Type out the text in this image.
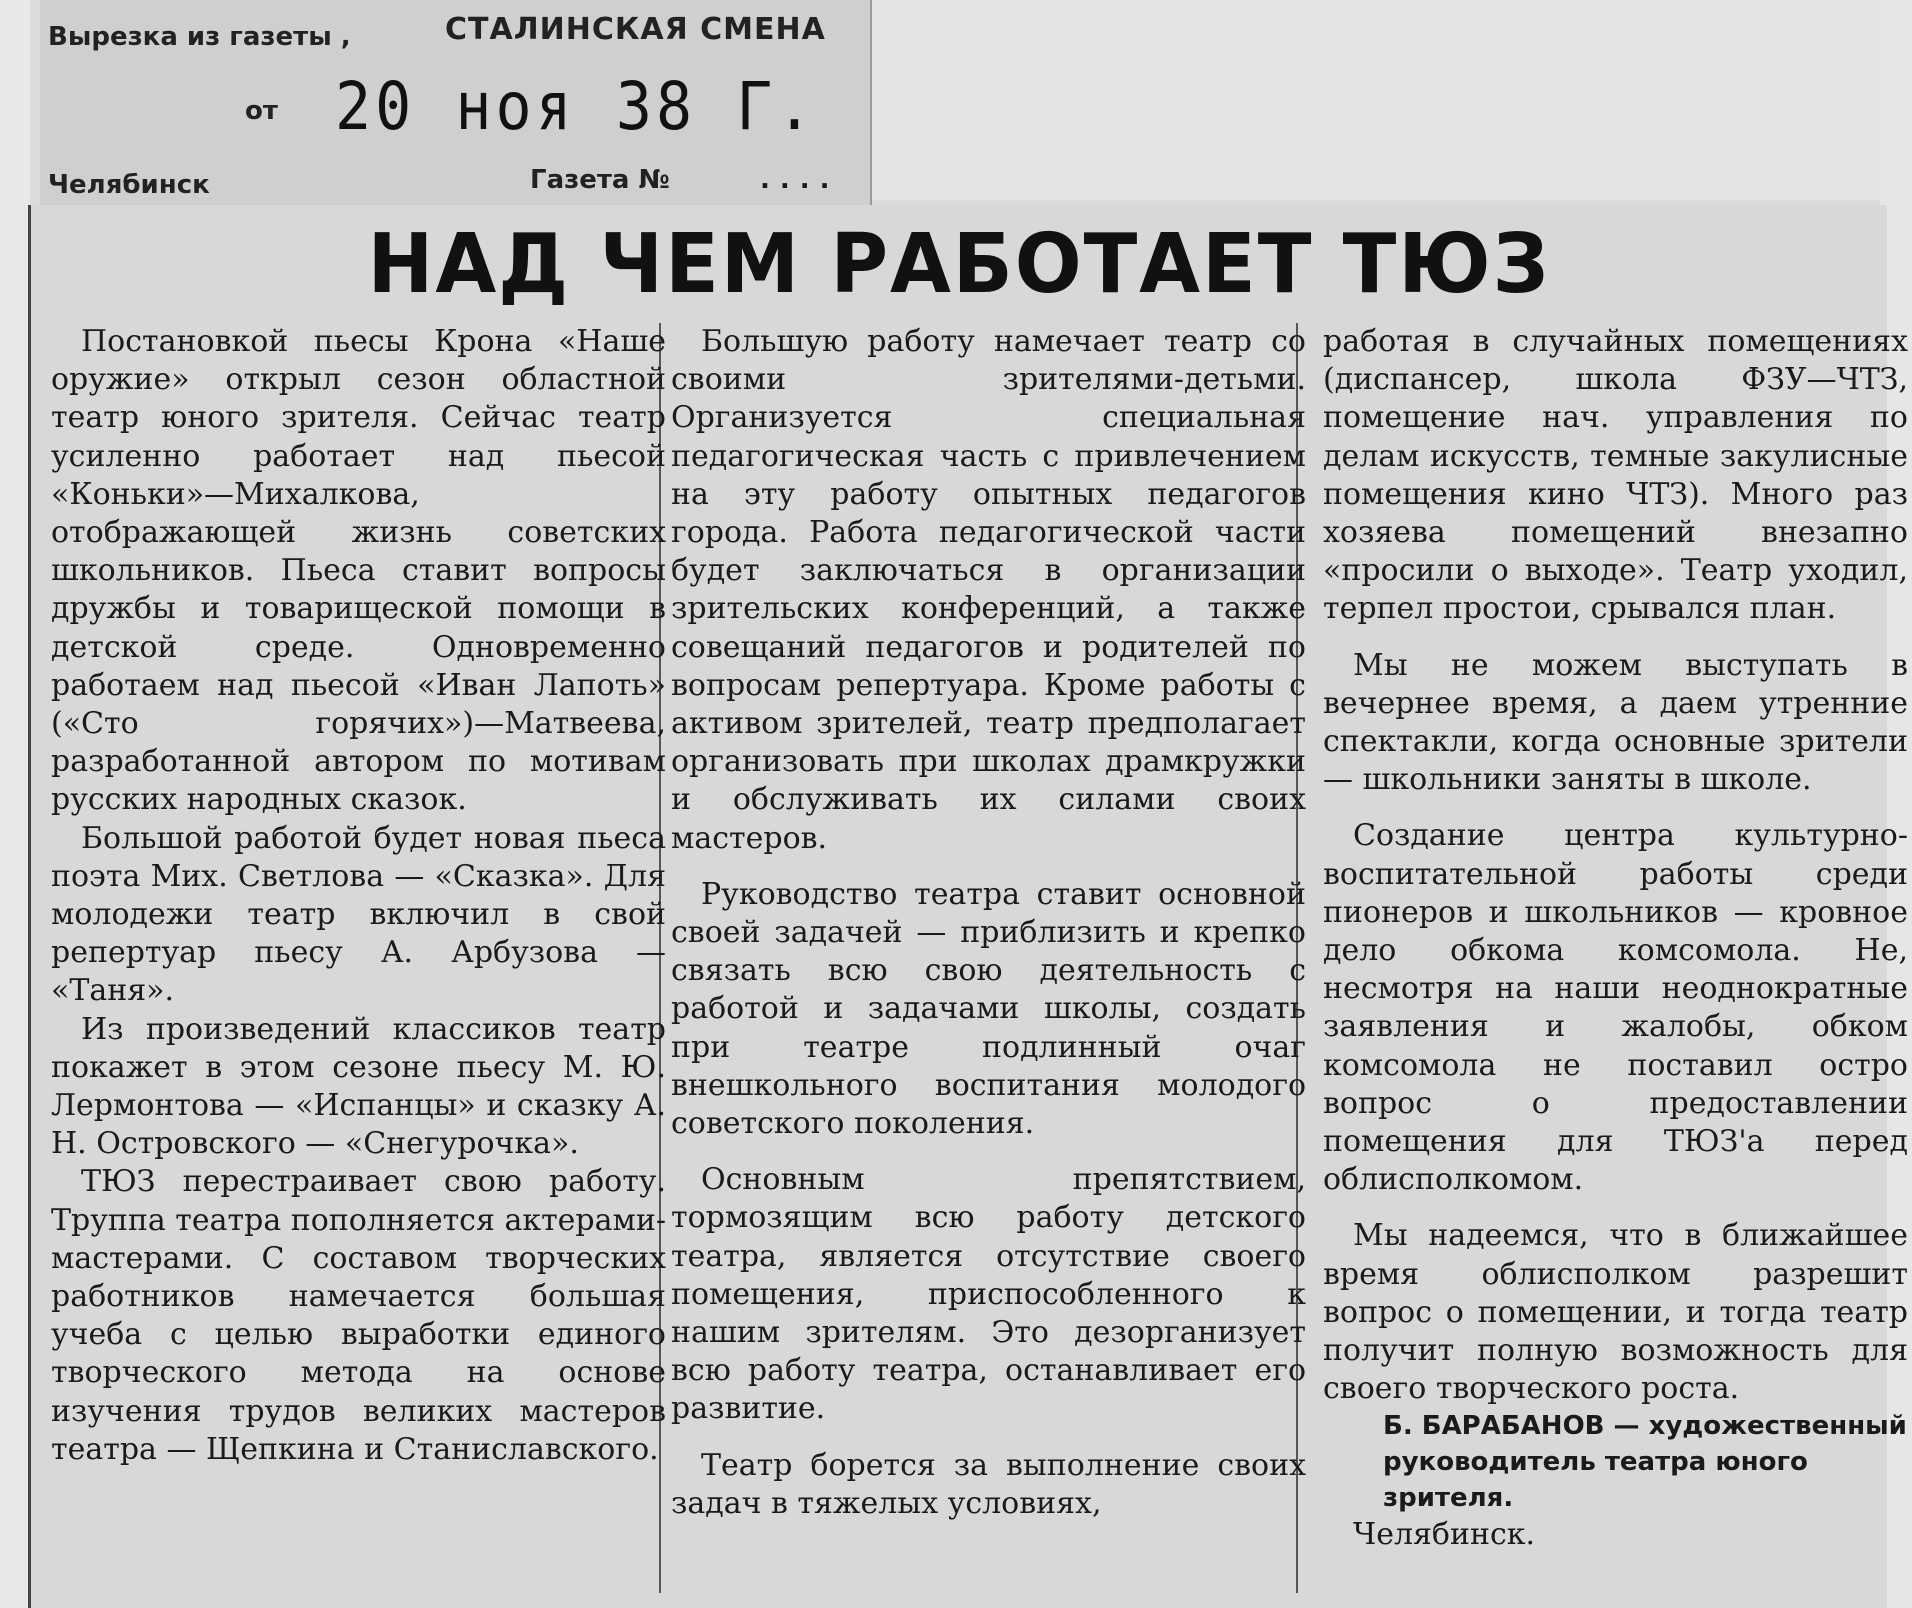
Вырезка из газеты ,	СТАЛИНСКАЯ СМЕНА
от 20 ноя 38 Г.
Челябинск	Газета №	....
НАД ЧЕМ РАБОТАЕТ ТЮЗ

Постановкой пьесы Крона «Наше оружие» открыл сезон областной театр юного зрителя. Сейчас театр усиленно работает над пьесой «Коньки»—Михалкова, отображающей жизнь советских школьников. Пьеса ставит вопросы дружбы и товарищеской помощи в детской среде. Одновременно работаем над пьесой «Иван Лапоть» («Сто горячих»)—Матвеева, разработанной автором по мотивам русских народных сказок.

Большой работой будет новая пьеса поэта Мих. Светлова — «Сказка». Для молодежи театр включил в свой репертуар пьесу А. Арбузова — «Таня».

Из произведений классиков театр покажет в этом сезоне пьесу М. Ю. Лермонтова — «Испанцы» и сказку А. Н. Островского — «Снегурочка».

ТЮЗ перестраивает свою работу. Труппа театра пополняется актерами-мастерами. С составом творческих работников намечается большая учеба с целью выработки единого творческого метода на основе изучения трудов великих мастеров театра — Щепкина и Станиславского.

Большую работу намечает театр со своими зрителями-детьми. Организуется специальная педагогическая часть с привлечением на эту работу опытных педагогов города. Работа педагогической части будет заключаться в организации зрительских конференций, а также совещаний педагогов и родителей по вопросам репертуара. Кроме работы с активом зрителей, театр предполагает организовать при школах драмкружки и обслуживать их силами своих мастеров.

Руководство театра ставит основной своей задачей — приблизить и крепко связать всю свою деятельность с работой и задачами школы, создать при театре подлинный очаг внешкольного воспитания молодого советского поколения.

Основным препятствием, тормозящим всю работу детского театра, является отсутствие своего помещения, приспособленного к нашим зрителям. Это дезорганизует всю работу театра, останавливает его развитие.

Театр борется за выполнение своих задач в тяжелых условиях,

работая в случайных помещениях (диспансер, школа ФЗУ—ЧТЗ, помещение нач. управления по делам искусств, темные закулисные помещения кино ЧТЗ). Много раз хозяева помещений внезапно «просили о выходе». Театр уходил, терпел простои, срывался план.

Мы не можем выступать в вечернее время, а даем утренние спектакли, когда основные зрители — школьники заняты в школе.

Создание центра культурно-воспитательной работы среди пионеров и школьников — кровное дело обкома комсомола. Не, несмотря на наши неоднократные заявления и жалобы, обком комсомола не поставил остро вопрос о предоставлении помещения для ТЮЗ'а перед облисполкомом.

Мы надеемся, что в ближайшее время облисполком разрешит вопрос о помещении, и тогда театр получит полную возможность для своего творческого роста.

Б. БАРАБАНОВ — художественный руководитель театра юного зрителя.

Челябинск.
